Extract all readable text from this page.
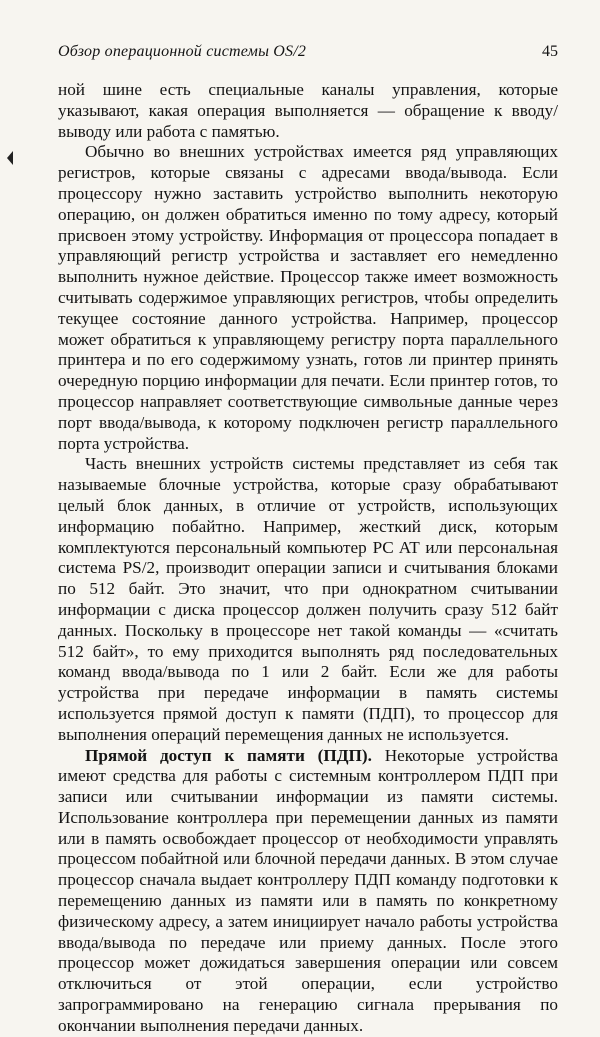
Обзор операционной системы OS/2	45

ной шине есть специальные каналы управления, которые указывают, какая операция выполняется — обращение к вводу/выводу или работа с памятью.

Обычно во внешних устройствах имеется ряд управляющих регистров, которые связаны с адресами ввода/вывода. Если процессору нужно заставить устройство выполнить некоторую операцию, он должен обратиться именно по тому адресу, который присвоен этому устройству. Информация от процессора попадает в управляющий регистр устройства и заставляет его немедленно выполнить нужное действие. Процессор также имеет возможность считывать содержимое управляющих регистров, чтобы определить текущее состояние данного устройства. Например, процессор может обратиться к управляющему регистру порта параллельного принтера и по его содержимому узнать, готов ли принтер принять очередную порцию информации для печати. Если принтер готов, то процессор направляет соответствующие символьные данные через порт ввода/вывода, к которому подключен регистр параллельного порта устройства.

Часть внешних устройств системы представляет из себя так называемые блочные устройства, которые сразу обрабатывают целый блок данных, в отличие от устройств, использующих информацию побайтно. Например, жесткий диск, которым комплектуются персональный компьютер PC AT или персональная система PS/2, производит операции записи и считывания блоками по 512 байт. Это значит, что при однократном считывании информации с диска процессор должен получить сразу 512 байт данных. Поскольку в процессоре нет такой команды — «считать 512 байт», то ему приходится выполнять ряд последовательных команд ввода/вывода по 1 или 2 байт. Если же для работы устройства при передаче информации в память системы используется прямой доступ к памяти (ПДП), то процессор для выполнения операций перемещения данных не используется.

Прямой доступ к памяти (ПДП). Некоторые устройства имеют средства для работы с системным контроллером ПДП при записи или считывании информации из памяти системы. Использование контроллера при перемещении данных из памяти или в память освобождает процессор от необходимости управлять процессом побайтной или блочной передачи данных. В этом случае процессор сначала выдает контроллеру ПДП команду подготовки к перемещению данных из памяти или в память по конкретному физическому адресу, а затем инициирует начало работы устройства ввода/вывода по передаче или приему данных. После этого процессор может дожидаться завершения операции или совсем отключиться от этой операции, если устройство запрограммировано на генерацию сигнала прерывания по окончании выполнения передачи данных.
